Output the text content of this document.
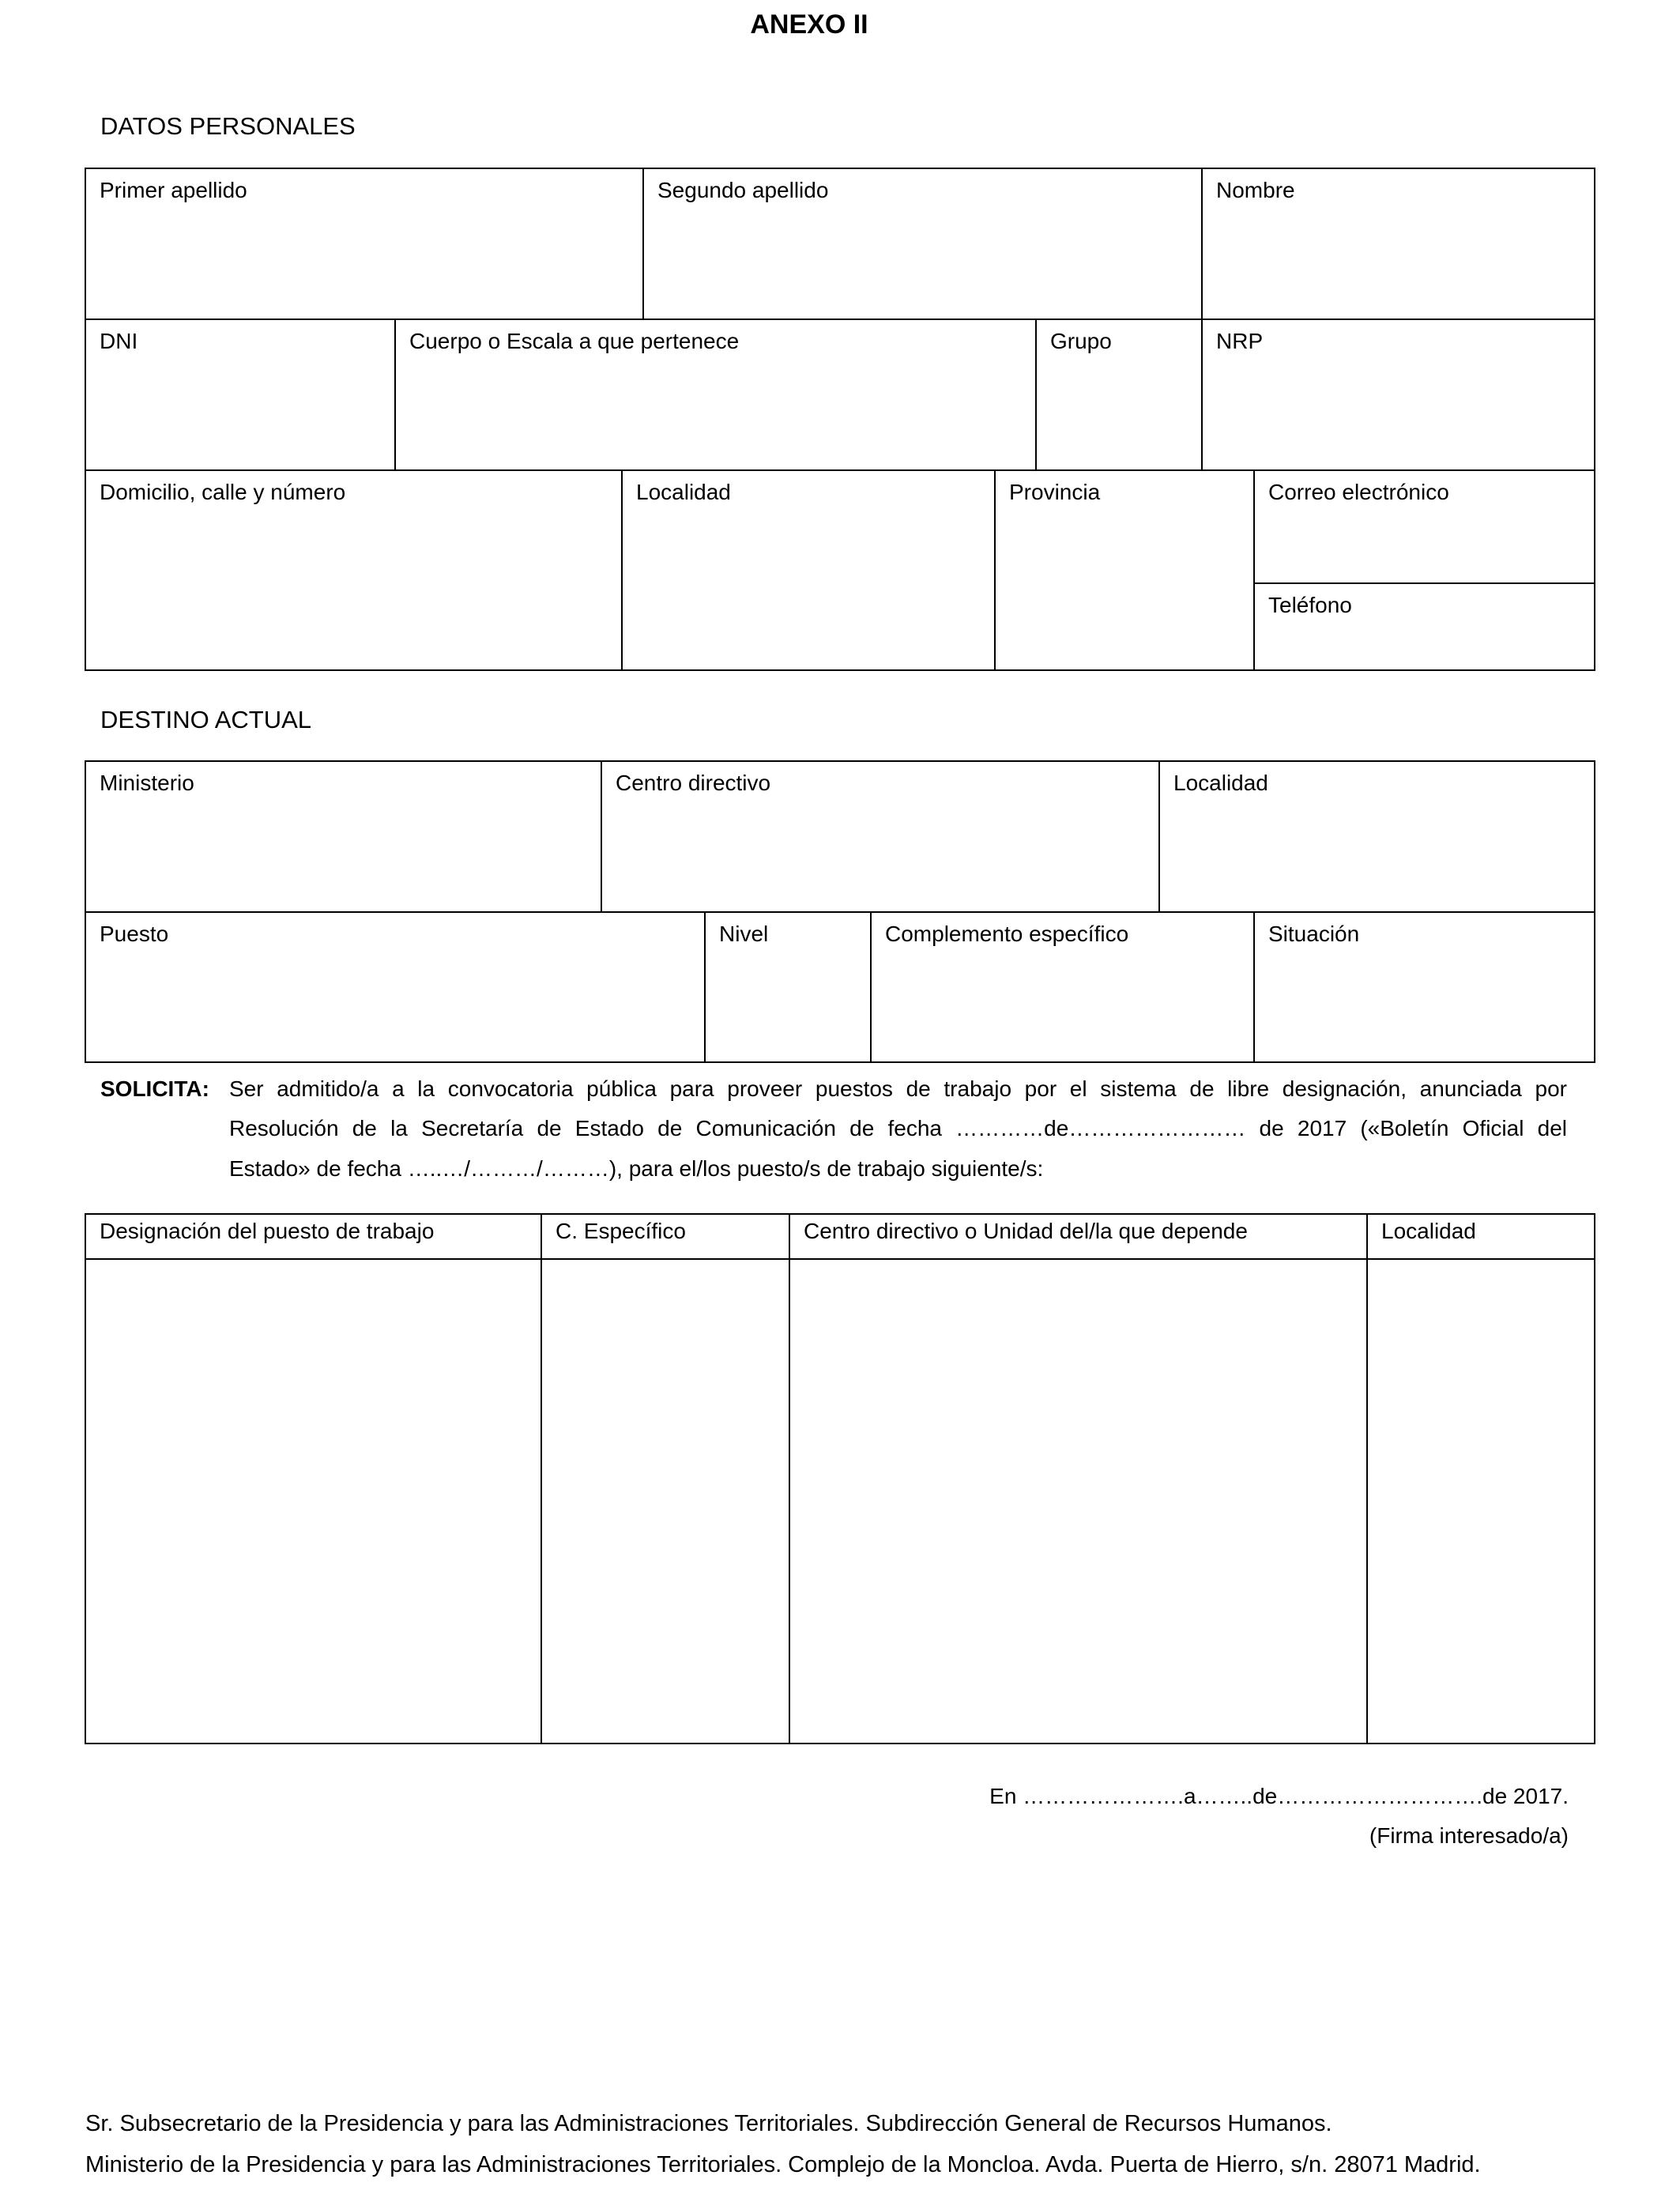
ANEXO II
DATOS PERSONALES
Primer apellido	Segundo apellido	Nombre
DNI	Cuerpo o Escala a que pertenece	Grupo	NRP
Domicilio, calle y número	Localidad	Provincia	Correo electrónico
Teléfono
DESTINO ACTUAL
Ministerio	Centro directivo	Localidad
Puesto	Nivel	Complemento específico	Situación
SOLICITA: Ser admitido/a a la convocatoria pública para proveer puestos de trabajo por el sistema de libre designación, anunciada por
Resolución de la Secretaría de Estado de Comunicación de fecha …………de…………………… de 2017 («Boletín Oficial del
Estado» de fecha …..…/………/………), para el/los puesto/s de trabajo siguiente/s:
Designación del puesto de trabajo	C. Específico	Centro directivo o Unidad del/la que depende	Localidad
En ………………….a……..de……………………….de 2017.
(Firma interesado/a)
Sr. Subsecretario de la Presidencia y para las Administraciones Territoriales. Subdirección General de Recursos Humanos.
Ministerio de la Presidencia y para las Administraciones Territoriales. Complejo de la Moncloa. Avda. Puerta de Hierro, s/n. 28071 Madrid.
